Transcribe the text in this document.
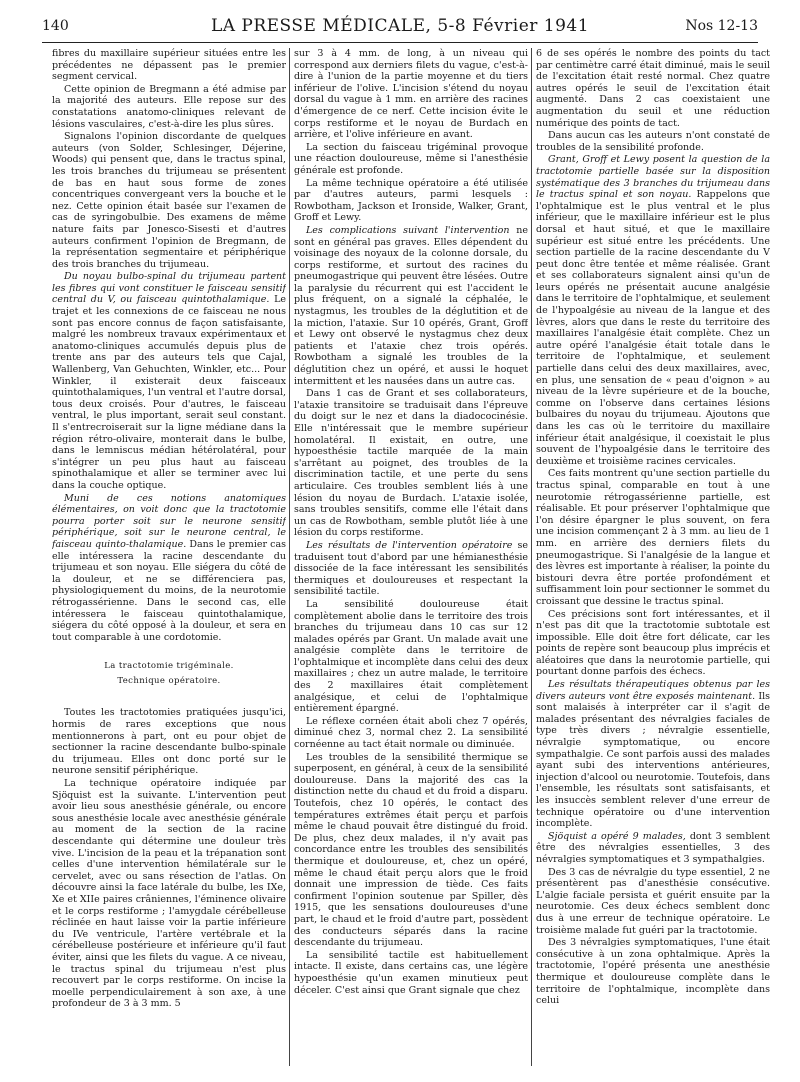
140	LA PRESSE MÉDICALE, 5-8 Février 1941	Nos 12-13

fibres du maxillaire supérieur situées entre les précédentes ne dépassent pas le premier segment cervical.

Cette opinion de Bregmann a été admise par la majorité des auteurs. Elle repose sur des constatations anatomo-cliniques relevant de lésions vasculaires, c'est-à-dire les plus sûres.

Signalons l'opinion discordante de quelques auteurs (von Solder, Schlesinger, Déjerine, Woods) qui pensent que, dans le tractus spinal, les trois branches du trijumeau se présentent de bas en haut sous forme de zones concentriques convergeant vers la bouche et le nez. Cette opinion était basée sur l'examen de cas de syringobulbie. Des examens de même nature faits par Jonesco-Sisesti et d'autres auteurs confirment l'opinion de Bregmann, de la représentation segmentaire et périphérique des trois branches du trijumeau.

Du noyau bulbo-spinal du trijumeau partent les fibres qui vont constituer le faisceau sensitif central du V, ou faisceau quintothalamique. Le trajet et les connexions de ce faisceau ne nous sont pas encore connus de façon satisfaisante, malgré les nombreux travaux expérimentaux et anatomo-cliniques accumulés depuis plus de trente ans par des auteurs tels que Cajal, Wallenberg, Van Gehuchten, Winkler, etc... Pour Winkler, il existerait deux faisceaux quintothalamiques, l'un ventral et l'autre dorsal, tous deux croisés. Pour d'autres, le faisceau ventral, le plus important, serait seul constant. Il s'entrecroiserait sur la ligne médiane dans la région rétro-olivaire, monterait dans le bulbe, dans le lemniscus médian hétérolatéral, pour s'intégrer un peu plus haut au faisceau spinothalamique et aller se terminer avec lui dans la couche optique.

Muni de ces notions anatomiques élémentaires, on voit donc que la tractotomie pourra porter soit sur le neurone sensitif périphérique, soit sur le neurone central, le faisceau quinto-thalamique. Dans le premier cas elle intéressera la racine descendante du trijumeau et son noyau. Elle siégera du côté de la douleur, et ne se différenciera pas, physiologiquement du moins, de la neurotomie rétrogassérienne. Dans le second cas, elle intéressera le faisceau quintothalamique, siégera du côté opposé à la douleur, et sera en tout comparable à une cordotomie.

La tractotomie trigéminale.

Technique opératoire.

Toutes les tractotomies pratiquées jusqu'ici, hormis de rares exceptions que nous mentionnerons à part, ont eu pour objet de sectionner la racine descendante bulbo-spinale du trijumeau. Elles ont donc porté sur le neurone sensitif périphérique.

La technique opératoire indiquée par Sjöquist est la suivante. L'intervention peut avoir lieu sous anesthésie générale, ou encore sous anesthésie locale avec anesthésie générale au moment de la section de la racine descendante qui détermine une douleur très vive. L'incision de la peau et la trépanation sont celles d'une intervention hémilatérale sur le cervelet, avec ou sans résection de l'atlas. On découvre ainsi la face latérale du bulbe, les IXe, Xe et XIIe paires crâniennes, l'éminence olivaire et le corps restiforme ; l'amygdale cérébelleuse réclinée en haut laisse voir la partie inférieure du IVe ventricule, l'artère vertébrale et la cérébelleuse postérieure et inférieure qu'il faut éviter, ainsi que les filets du vague. A ce niveau, le tractus spinal du trijumeau n'est plus recouvert par le corps restiforme. On incise la moelle perpendiculairement à son axe, à une profondeur de 3 à 3 mm. 5

sur 3 à 4 mm. de long, à un niveau qui correspond aux derniers filets du vague, c'est-à-dire à l'union de la partie moyenne et du tiers inférieur de l'olive. L'incision s'étend du noyau dorsal du vague à 1 mm. en arrière des racines d'émergence de ce nerf. Cette incision évite le corps restiforme et le noyau de Burdach en arrière, et l'olive inférieure en avant.

La section du faisceau trigéminal provoque une réaction douloureuse, même si l'anesthésie générale est profonde.

La même technique opératoire a été utilisée par d'autres auteurs, parmi lesquels : Rowbotham, Jackson et Ironside, Walker, Grant, Groff et Lewy.

Les complications suivant l'intervention ne sont en général pas graves. Elles dépendent du voisinage des noyaux de la colonne dorsale, du corps restiforme, et surtout des racines du pneumogastrique qui peuvent être lésées. Outre la paralysie du récurrent qui est l'accident le plus fréquent, on a signalé la céphalée, le nystagmus, les troubles de la déglutition et de la miction, l'ataxie. Sur 10 opérés, Grant, Groff et Lewy ont observé le nystagmus chez deux patients et l'ataxie chez trois opérés. Rowbotham a signalé les troubles de la déglutition chez un opéré, et aussi le hoquet intermittent et les nausées dans un autre cas.

Dans 1 cas de Grant et ses collaborateurs, l'ataxie transitoire se traduisait dans l'épreuve du doigt sur le nez et dans la diadococinésie. Elle n'intéressait que le membre supérieur homolatéral. Il existait, en outre, une hypoesthésie tactile marquée de la main s'arrêtant au poignet, des troubles de la discrimination tactile, et une perte du sens articulaire. Ces troubles semblent liés à une lésion du noyau de Burdach. L'ataxie isolée, sans troubles sensitifs, comme elle l'était dans un cas de Rowbotham, semble plutôt liée à une lésion du corps restiforme.

Les résultats de l'intervention opératoire se traduisent tout d'abord par une hémianesthésie dissociée de la face intéressant les sensibilités thermiques et douloureuses et respectant la sensibilité tactile.

La sensibilité douloureuse était complètement abolie dans le territoire des trois branches du trijumeau dans 10 cas sur 12 malades opérés par Grant. Un malade avait une analgésie complète dans le territoire de l'ophtalmique et incomplète dans celui des deux maxillaires ; chez un autre malade, le territoire des 2 maxillaires était complètement analgésique, et celui de l'ophtalmique entièrement épargné.

Le réflexe cornéen était aboli chez 7 opérés, diminué chez 3, normal chez 2. La sensibilité cornéenne au tact était normale ou diminuée.

Les troubles de la sensibilité thermique se superposent, en général, à ceux de la sensibilité douloureuse. Dans la majorité des cas la distinction nette du chaud et du froid a disparu. Toutefois, chez 10 opérés, le contact des températures extrêmes était perçu et parfois même le chaud pouvait être distingué du froid. De plus, chez deux malades, il n'y avait pas concordance entre les troubles des sensibilités thermique et douloureuse, et, chez un opéré, même le chaud était perçu alors que le froid donnait une impression de tiède. Ces faits confirment l'opinion soutenue par Spiller, dès 1915, que les sensations douloureuses d'une part, le chaud et le froid d'autre part, possèdent des conducteurs séparés dans la racine descendante du trijumeau.

La sensibilité tactile est habituellement intacte. Il existe, dans certains cas, une légère hypoesthésie qu'un examen minutieux peut déceler. C'est ainsi que Grant signale que chez

6 de ses opérés le nombre des points du tact par centimètre carré était diminué, mais le seuil de l'excitation était resté normal. Chez quatre autres opérés le seuil de l'excitation était augmenté. Dans 2 cas coexistaient une augmentation du seuil et une réduction numérique des points de tact.

Dans aucun cas les auteurs n'ont constaté de troubles de la sensibilité profonde.

Grant, Groff et Lewy posent la question de la tractotomie partielle basée sur la disposition systématique des 3 branches du trijumeau dans le tractus spinal et son noyau. Rappelons que l'ophtalmique est le plus ventral et le plus inférieur, que le maxillaire inférieur est le plus dorsal et haut situé, et que le maxillaire supérieur est situé entre les précédents. Une section partielle de la racine descendante du V peut donc être tentée et même réalisée. Grant et ses collaborateurs signalent ainsi qu'un de leurs opérés ne présentait aucune analgésie dans le territoire de l'ophtalmique, et seulement de l'hypoalgésie au niveau de la langue et des lèvres, alors que dans le reste du territoire des maxillaires l'analgésie était complète. Chez un autre opéré l'analgésie était totale dans le territoire de l'ophtalmique, et seulement partielle dans celui des deux maxillaires, avec, en plus, une sensation de « peau d'oignon » au niveau de la lèvre supérieure et de la bouche, comme on l'observe dans certaines lésions bulbaires du noyau du trijumeau. Ajoutons que dans les cas où le territoire du maxillaire inférieur était analgésique, il coexistait le plus souvent de l'hypoalgésie dans le territoire des deuxième et troisième racines cervicales.

Ces faits montrent qu'une section partielle du tractus spinal, comparable en tout à une neurotomie rétrogassérienne partielle, est réalisable. Et pour préserver l'ophtalmique que l'on désire épargner le plus souvent, on fera une incision commençant 2 à 3 mm. au lieu de 1 mm. en arrière des derniers filets du pneumogastrique. Si l'analgésie de la langue et des lèvres est importante à réaliser, la pointe du bistouri devra être portée profondément et suffisamment loin pour sectionner le sommet du croissant que dessine le tractus spinal.

Ces précisions sont fort intéressantes, et il n'est pas dit que la tractotomie subtotale est impossible. Elle doit être fort délicate, car les points de repère sont beaucoup plus imprécis et aléatoires que dans la neurotomie partielle, qui pourtant donne parfois des échecs.

Les résultats thérapeutiques obtenus par les divers auteurs vont être exposés maintenant. Ils sont malaisés à interpréter car il s'agit de malades présentant des névralgies faciales de type très divers ; névralgie essentielle, névralgie symptomatique, ou encore sympathalgie. Ce sont parfois aussi des malades ayant subi des interventions antérieures, injection d'alcool ou neurotomie. Toutefois, dans l'ensemble, les résultats sont satisfaisants, et les insuccès semblent relever d'une erreur de technique opératoire ou d'une intervention incomplète.

Sjöquist a opéré 9 malades, dont 3 semblent être des névralgies essentielles, 3 des névralgies symptomatiques et 3 sympathalgies.

Des 3 cas de névralgie du type essentiel, 2 ne présentèrent pas d'anesthésie consécutive. L'algie faciale persista et guérit ensuite par la neurotomie. Ces deux échecs semblent donc dus à une erreur de technique opératoire. Le troisième malade fut guéri par la tractotomie.

Des 3 névralgies symptomatiques, l'une était consécutive à un zona ophtalmique. Après la tractotomie, l'opéré présenta une anesthésie thermique et douloureuse complète dans le territoire de l'ophtalmique, incomplète dans celui
